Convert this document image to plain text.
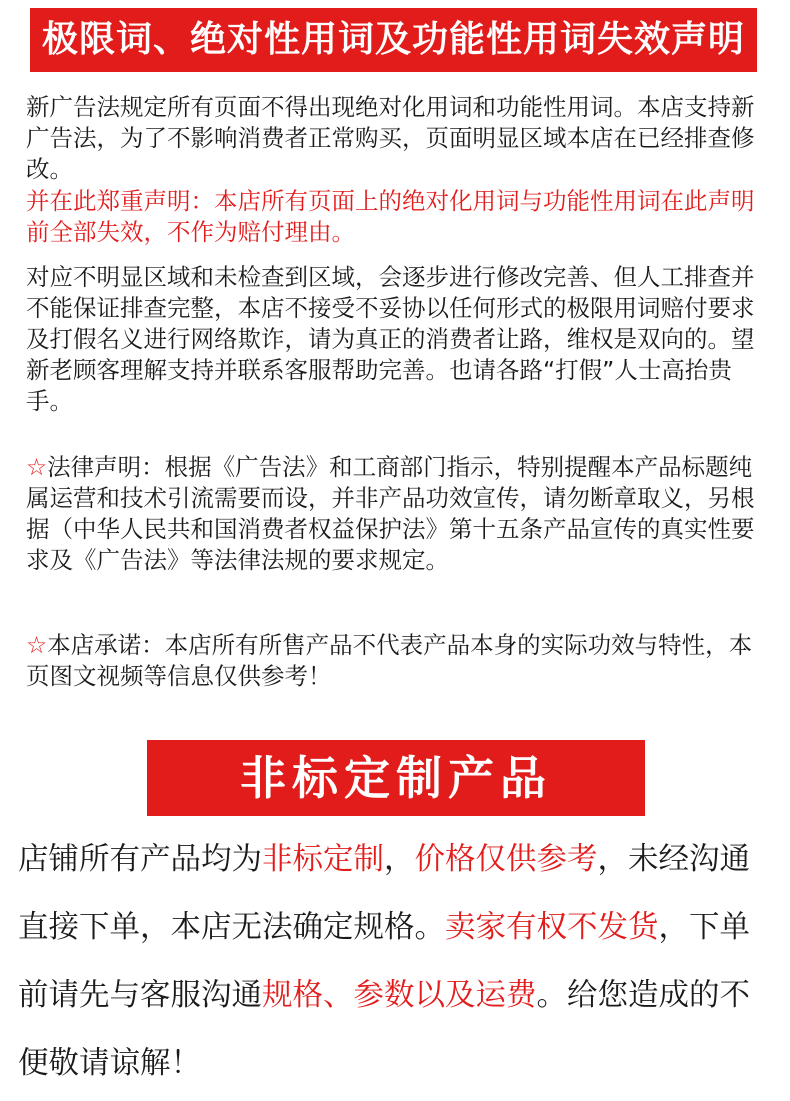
极限词、绝对性用词及功能性用词失效声明
新广告法规定所有页面不得出现绝对化用词和功能性用词。本店支持新广告法，为了不影响消费者正常购买，页面明显区域本店在已经排查修改。
并在此郑重声明：本店所有页面上的绝对化用词与功能性用词在此声明前全部失效，不作为赔付理由。
对应不明显区域和未检查到区域，会逐步进行修改完善、但人工排查并不能保证排查完整，本店不接受不妥协以任何形式的极限用词赔付要求及打假名义进行网络欺诈，请为真正的消费者让路，维权是双向的。望新老顾客理解支持并联系客服帮助完善。也请各路“打假”人士高抬贵手。
☆法律声明：根据《广告法》和工商部门指示，特别提醒本产品标题纯属运营和技术引流需要而设，并非产品功效宣传，请勿断章取义，另根据（中华人民共和国消费者权益保护法》第十五条产品宣传的真实性要求及《广告法》等法律法规的要求规定。
☆本店承诺：本店所有所售产品不代表产品本身的实际功效与特性，本页图文视频等信息仅供参考！
非标定制产品
店铺所有产品均为非标定制，价格仅供参考，未经沟通直接下单，本店无法确定规格。卖家有权不发货，下单前请先与客服沟通规格、参数以及运费。给您造成的不便敬请谅解！
